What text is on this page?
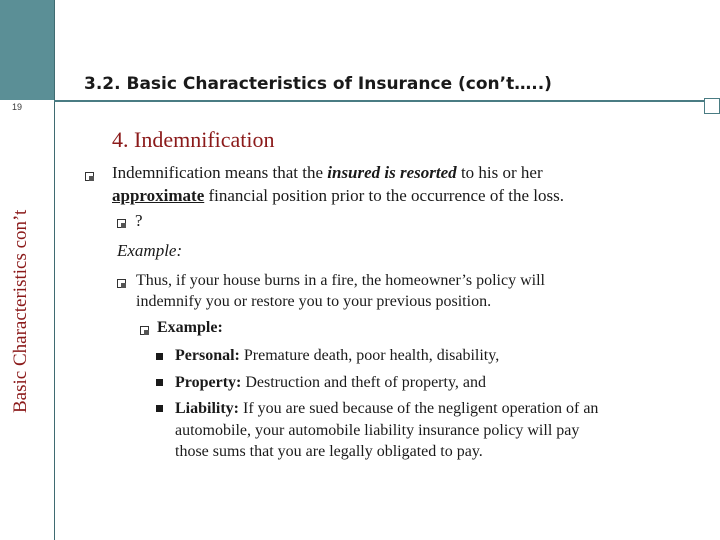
19
Basic Characteristics con’t
3.2. Basic Characteristics of Insurance (con’t…..)
4. Indemnification
Indemnification means that the insured is resorted to his or her
approximate financial position prior to the occurrence of the loss.
?
Example:
Thus, if your house burns in a fire, the homeowner’s policy will
indemnify you or restore you to your previous position.
Example:
Personal: Premature death, poor health, disability,
Property: Destruction and theft of property, and
Liability: If you are sued because of the negligent operation of an
automobile, your automobile liability insurance policy will pay
those sums that you are legally obligated to pay.
